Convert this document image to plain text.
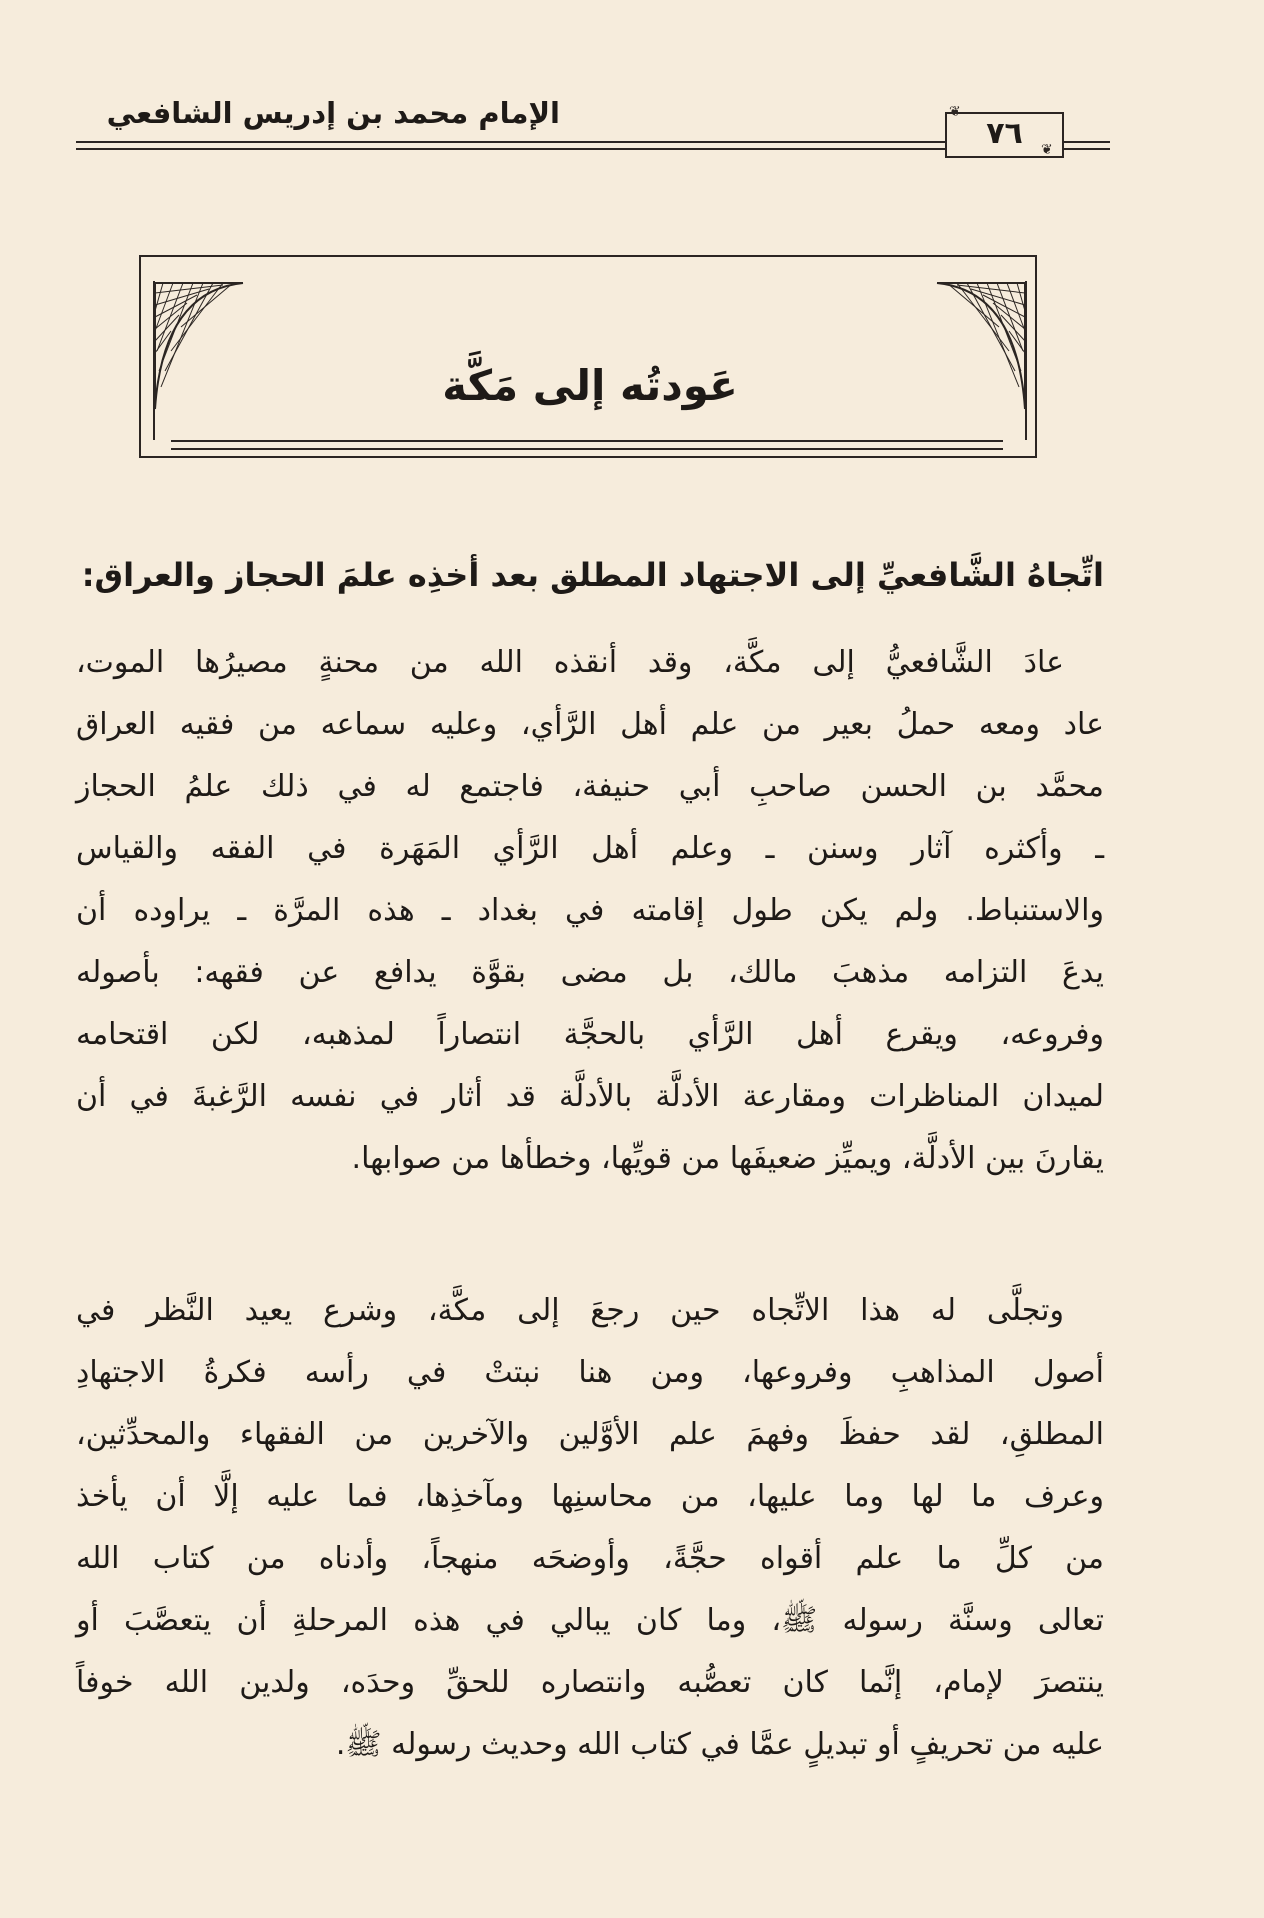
٧٦
❦
❦
الإمام محمد بن إدريس الشافعي
عَودتُه إلى مَكَّة
اتِّجاهُ الشَّافعيِّ إلى الاجتهاد المطلق بعد أخذِه علمَ الحجاز والعراق:
عادَ الشَّافعيُّ إلى مكَّة، وقد أنقذه الله من محنةٍ مصيرُها الموت،
عاد ومعه حملُ بعير من علم أهل الرَّأي، وعليه سماعه من فقيه العراق
محمَّد بن الحسن صاحبِ أبي حنيفة، فاجتمع له في ذلك علمُ الحجاز
ـ وأكثره آثار وسنن ـ وعلم أهل الرَّأي المَهَرة في الفقه والقياس
والاستنباط. ولم يكن طول إقامته في بغداد ـ هذه المرَّة ـ يراوده أن
يدعَ التزامه مذهبَ مالك، بل مضى بقوَّة يدافع عن فقهه: بأصوله
وفروعه، ويقرع أهل الرَّأي بالحجَّة انتصاراً لمذهبه، لكن اقتحامه
لميدان المناظرات ومقارعة الأدلَّة بالأدلَّة قد أثار في نفسه الرَّغبةَ في أن
يقارنَ بين الأدلَّة، ويميِّز ضعيفَها من قويِّها، وخطأها من صوابها.
وتجلَّى له هذا الاتِّجاه حين رجعَ إلى مكَّة، وشرع يعيد النَّظر في
أصول المذاهبِ وفروعها، ومن هنا نبتتْ في رأسه فكرةُ الاجتهادِ
المطلقِ، لقد حفظَ وفهمَ علم الأوَّلين والآخرين من الفقهاء والمحدِّثين،
وعرف ما لها وما عليها، من محاسنِها ومآخذِها، فما عليه إلَّا أن يأخذ
من كلِّ ما علم أقواه حجَّةً، وأوضحَه منهجاً، وأدناه من كتاب الله
تعالى وسنَّة رسوله ﷺ، وما كان يبالي في هذه المرحلةِ أن يتعصَّبَ أو
ينتصرَ لإمام، إنَّما كان تعصُّبه وانتصاره للحقِّ وحدَه، ولدين الله خوفاً
عليه من تحريفٍ أو تبديلٍ عمَّا في كتاب الله وحديث رسوله ﷺ.
